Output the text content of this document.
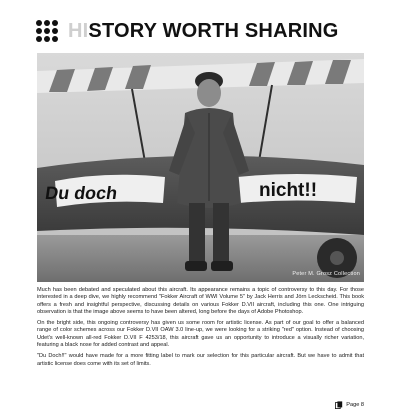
HISTORY WORTH SHARING
Du doch	nicht!!
Peter M. Grosz Collection

Much has been debated and speculated about this aircraft. Its appearance remains a topic of controversy to this day. For those interested in a deep dive, we highly recommend "Fokker Aircraft of WWI Volume 5" by Jack Herris and Jörn Leckscheid. This book offers a fresh and insightful perspective, discussing details on various Fokker D.VII aircraft, including this one. One intriguing observation is that the image above seems to have been altered, long before the days of Adobe Photoshop.

On the bright side, this ongoing controversy has given us some room for artistic license. As part of our goal to offer a balanced range of color schemes across our Fokker D.VII OAW 3.0 line-up, we were looking for a striking "red" option. Instead of choosing Udet's well-known all-red Fokker D.VII F 4253/18, this aircraft gave us an opportunity to introduce a visually richer variation, featuring a black nose for added contrast and appeal.

"Du Doch!!" would have made for a more fitting label to mark our selection for this particular aircraft. But we have to admit that artistic license does come with its set of limits.

Page 8
